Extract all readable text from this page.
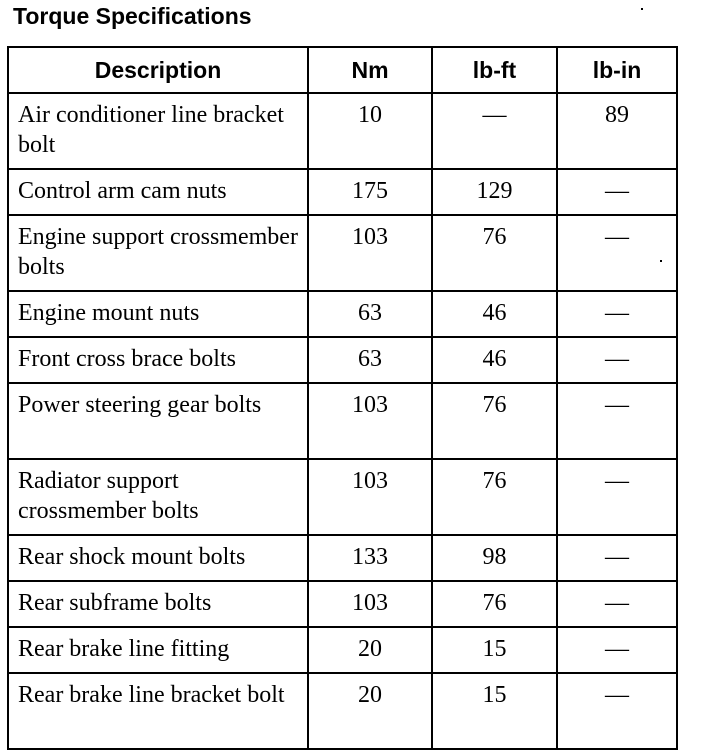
Torque Specifications
Description	Nm	lb-ft	lb-in
Air conditioner line bracket bolt	10	—	89
Control arm cam nuts	175	129	—
Engine support crossmember bolts	103	76	—
Engine mount nuts	63	46	—
Front cross brace bolts	63	46	—
Power steering gear bolts	103	76	—
Radiator support crossmember bolts	103	76	—
Rear shock mount bolts	133	98	—
Rear subframe bolts	103	76	—
Rear brake line fitting	20	15	—
Rear brake line bracket bolt	20	15	—
